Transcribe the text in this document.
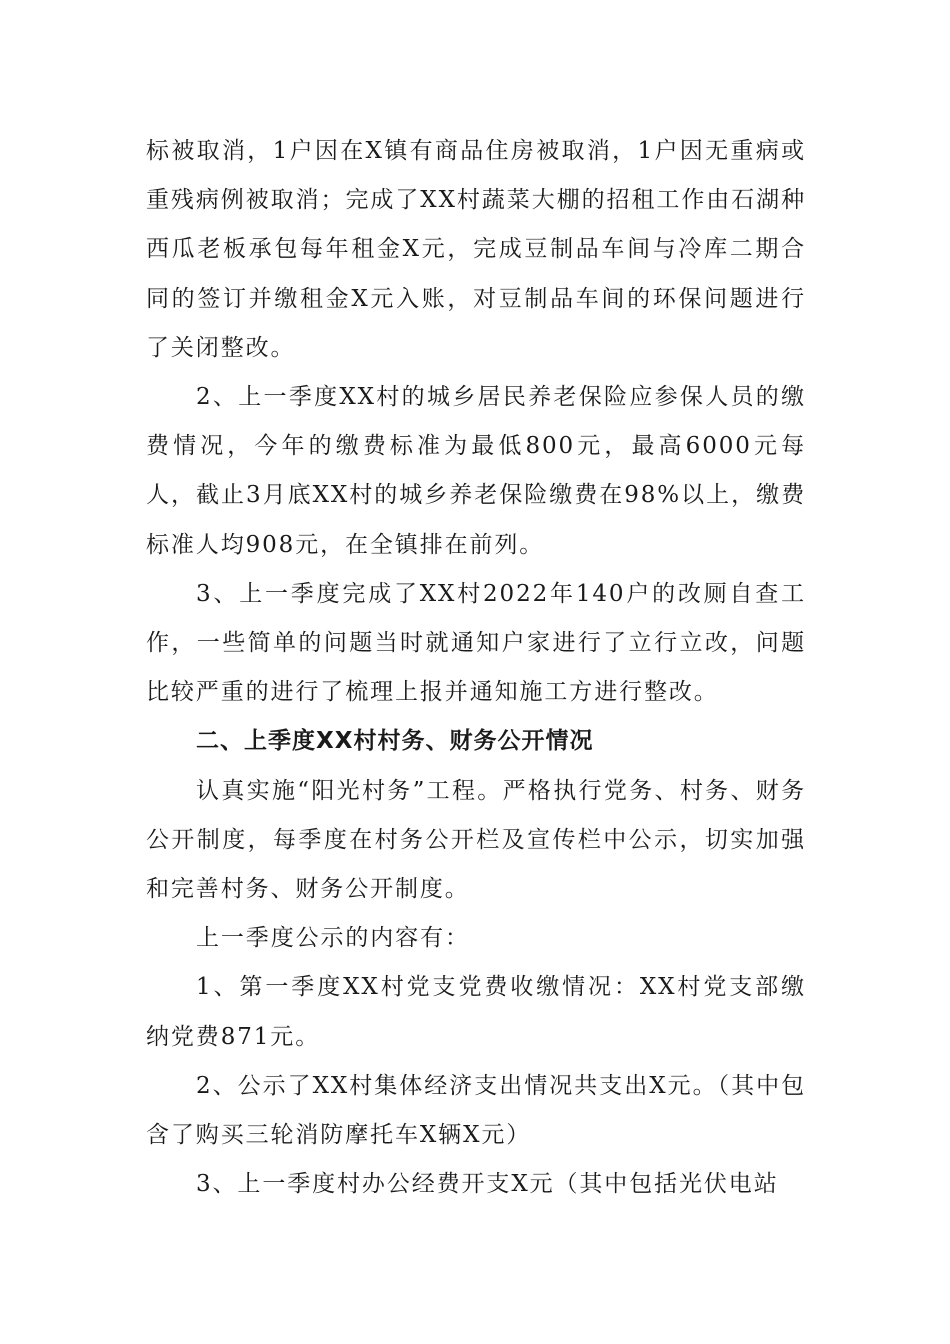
标被取消，1户因在X镇有商品住房被取消，1户因无重病或重残病例被取消；完成了XX村蔬菜大棚的招租工作由石湖种西瓜老板承包每年租金X元，完成豆制品车间与冷库二期合同的签订并缴租金X元入账，对豆制品车间的环保问题进行了关闭整改。

2、上一季度XX村的城乡居民养老保险应参保人员的缴费情况，今年的缴费标准为最低800元，最高6000元每人，截止3月底XX村的城乡养老保险缴费在98%以上，缴费标准人均908元，在全镇排在前列。

3、上一季度完成了XX村2022年140户的改厕自查工作，一些简单的问题当时就通知户家进行了立行立改，问题比较严重的进行了梳理上报并通知施工方进行整改。

二、上季度XX村村务、财务公开情况

认真实施“阳光村务”工程。严格执行党务、村务、财务公开制度，每季度在村务公开栏及宣传栏中公示，切实加强和完善村务、财务公开制度。

上一季度公示的内容有：

1、第一季度XX村党支党费收缴情况：XX村党支部缴纳党费871元。

2、公示了XX村集体经济支出情况共支出X元。（其中包含了购买三轮消防摩托车X辆X元）

3、上一季度村办公经费开支X元（其中包括光伏电站
